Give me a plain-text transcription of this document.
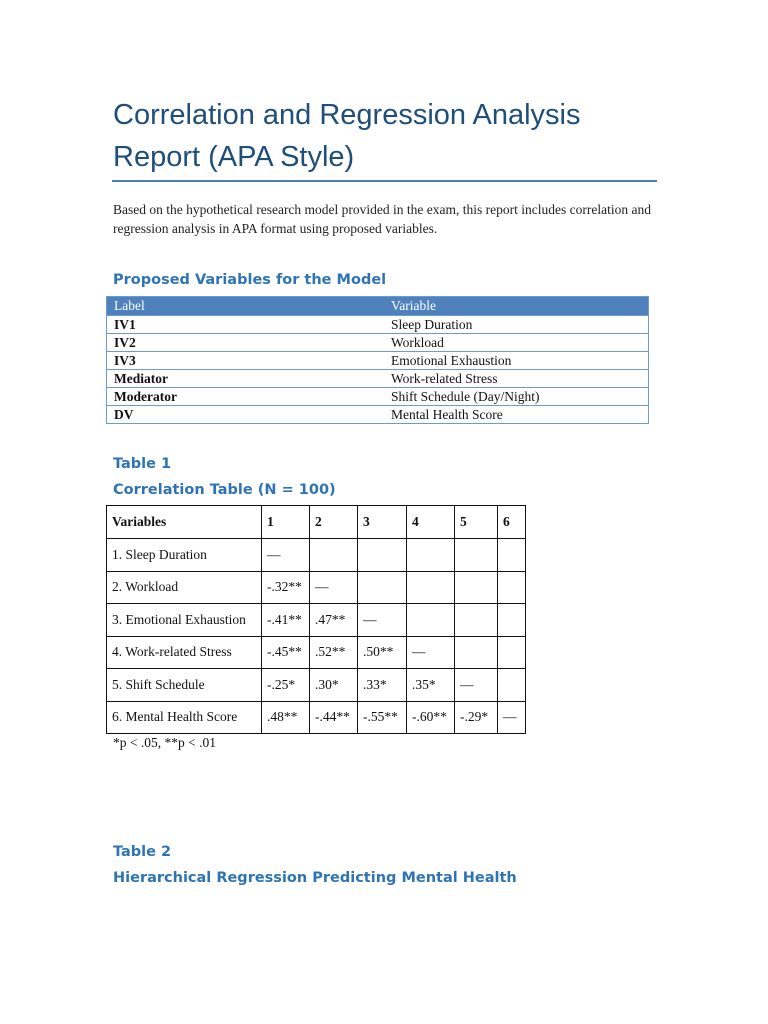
Correlation and Regression Analysis Report (APA Style)

Based on the hypothetical research model provided in the exam, this report includes correlation and regression analysis in APA format using proposed variables.

Proposed Variables for the Model
Label	Variable
IV1	Sleep Duration
IV2	Workload
IV3	Emotional Exhaustion
Mediator	Work-related Stress
Moderator	Shift Schedule (Day/Night)
DV	Mental Health Score
Table 1
Correlation Table (N = 100)
Variables	1	2	3	4	5	6
1. Sleep Duration	—					
2. Workload	-.32**	—				
3. Emotional Exhaustion	-.41**	.47**	—			
4. Work-related Stress	-.45**	.52**	.50**	—		
5. Shift Schedule	-.25*	.30*	.33*	.35*	—	
6. Mental Health Score	.48**	-.44**	-.55**	-.60**	-.29*	—

*p < .05, **p < .01

Table 2
Hierarchical Regression Predicting Mental Health
